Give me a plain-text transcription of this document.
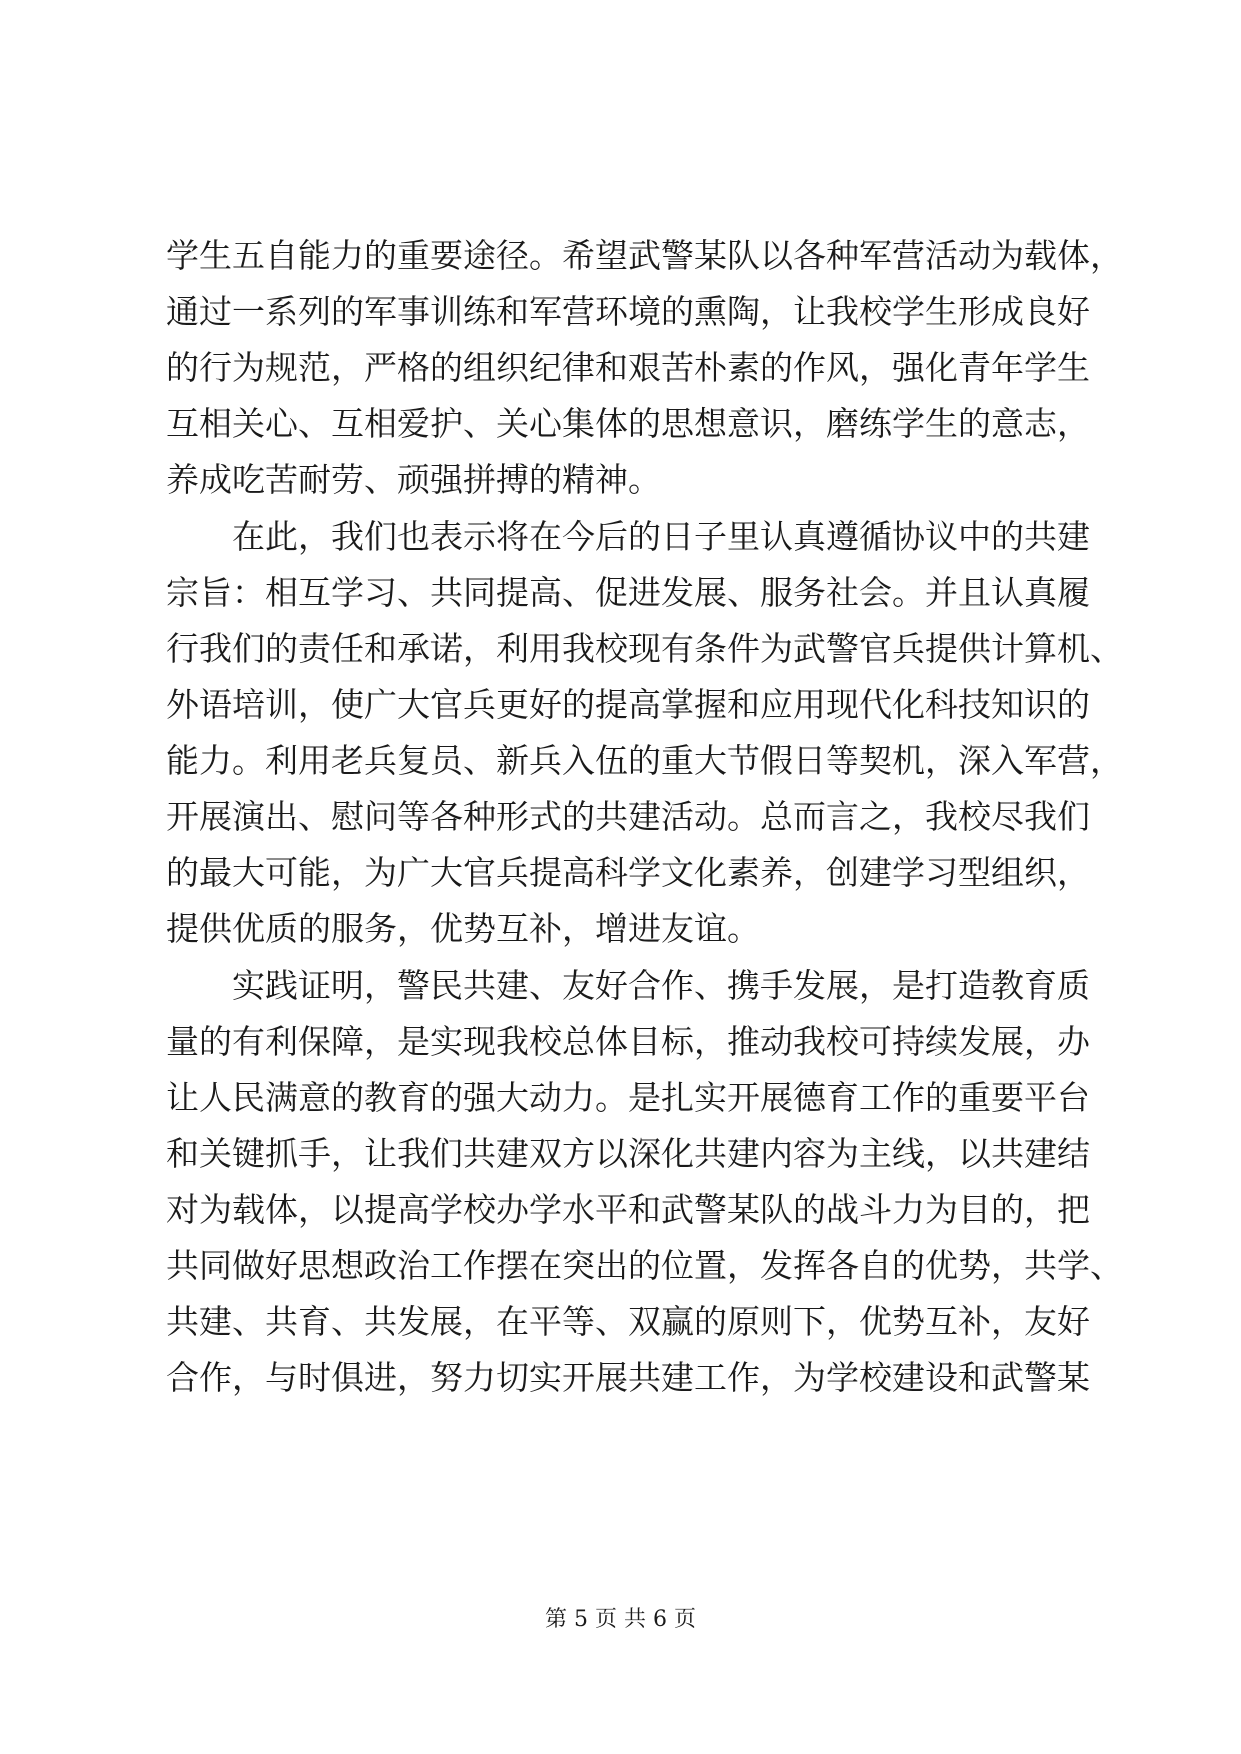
学生五自能力的重要途径。希望武警某队以各种军营活动为载体，
通过一系列的军事训练和军营环境的熏陶，让我校学生形成良好
的行为规范，严格的组织纪律和艰苦朴素的作风，强化青年学生
互相关心、互相爱护、关心集体的思想意识，磨练学生的意志，
养成吃苦耐劳、顽强拼搏的精神。
在此，我们也表示将在今后的日子里认真遵循协议中的共建
宗旨：相互学习、共同提高、促进发展、服务社会。并且认真履
行我们的责任和承诺，利用我校现有条件为武警官兵提供计算机、
外语培训，使广大官兵更好的提高掌握和应用现代化科技知识的
能力。利用老兵复员、新兵入伍的重大节假日等契机，深入军营，
开展演出、慰问等各种形式的共建活动。总而言之，我校尽我们
的最大可能，为广大官兵提高科学文化素养，创建学习型组织，
提供优质的服务，优势互补，增进友谊。
实践证明，警民共建、友好合作、携手发展，是打造教育质
量的有利保障，是实现我校总体目标，推动我校可持续发展，办
让人民满意的教育的强大动力。是扎实开展德育工作的重要平台
和关键抓手，让我们共建双方以深化共建内容为主线，以共建结
对为载体，以提高学校办学水平和武警某队的战斗力为目的，把
共同做好思想政治工作摆在突出的位置，发挥各自的优势，共学、
共建、共育、共发展，在平等、双赢的原则下，优势互补，友好
合作，与时俱进，努力切实开展共建工作，为学校建设和武警某
第 5 页 共 6 页
